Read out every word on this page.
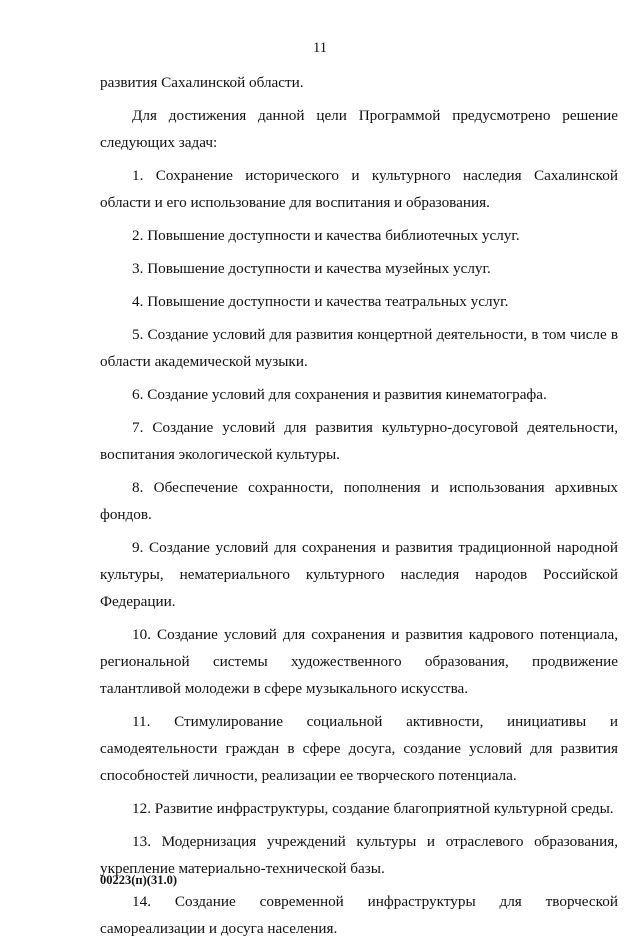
11

развития Сахалинской области.

Для достижения данной цели Программой предусмотрено решение следующих задач:

1. Сохранение исторического и культурного наследия Сахалинской области и его использование для воспитания и образования.

2. Повышение доступности и качества библиотечных услуг.

3. Повышение доступности и качества музейных услуг.

4. Повышение доступности и качества театральных услуг.

5. Создание условий для развития концертной деятельности, в том числе в области академической музыки.

6. Создание условий для сохранения и развития кинематографа.

7. Создание условий для развития культурно-досуговой деятельности, воспитания экологической культуры.

8. Обеспечение сохранности, пополнения и использования архивных фондов.

9. Создание условий для сохранения и развития традиционной народной культуры, нематериального культурного наследия народов Российской Федерации.

10. Создание условий для сохранения и развития кадрового потенциала, региональной системы художественного образования, продвижение талантливой молодежи в сфере музыкального искусства.

11. Стимулирование социальной активности, инициативы и самодеятельности граждан в сфере досуга, создание условий для развития способностей личности, реализации ее творческого потенциала.

12. Развитие инфраструктуры, создание благоприятной культурной среды.

13. Модернизация учреждений культуры и отраслевого образования, укрепление материально-технической базы.

14. Создание современной инфраструктуры для творческой самореализации и досуга населения.

00223(п)(31.0)
